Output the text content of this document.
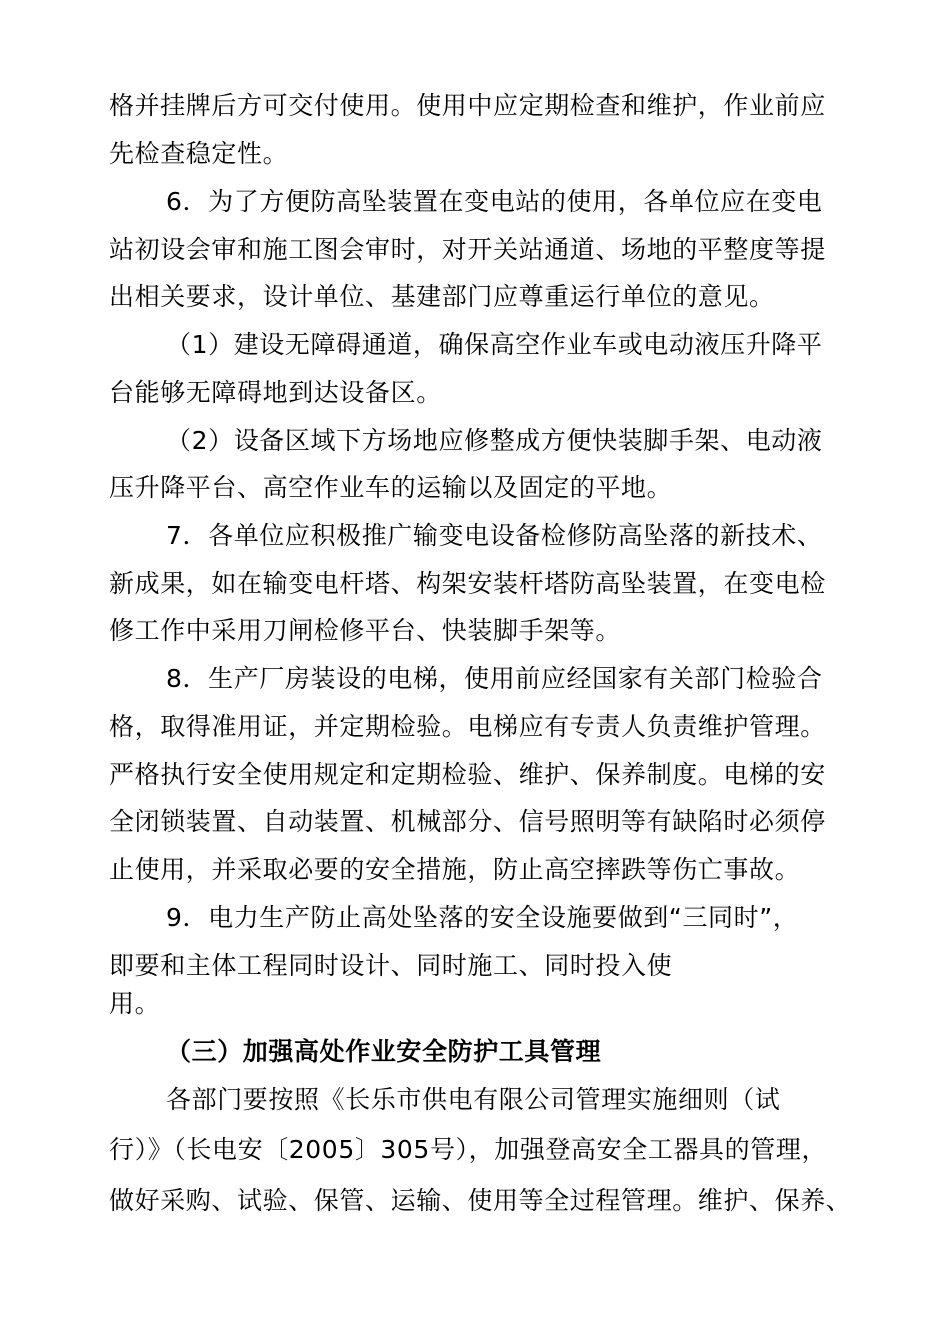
格并挂牌后方可交付使用。使用中应定期检查和维护，作业前应
先检查稳定性。
6．为了方便防高坠装置在变电站的使用，各单位应在变电
站初设会审和施工图会审时，对开关站通道、场地的平整度等提
出相关要求，设计单位、基建部门应尊重运行单位的意见。
（1）建设无障碍通道，确保高空作业车或电动液压升降平
台能够无障碍地到达设备区。
（2）设备区域下方场地应修整成方便快装脚手架、电动液
压升降平台、高空作业车的运输以及固定的平地。
7．各单位应积极推广输变电设备检修防高坠落的新技术、
新成果，如在输变电杆塔、构架安装杆塔防高坠装置，在变电检
修工作中采用刀闸检修平台、快装脚手架等。
8．生产厂房装设的电梯，使用前应经国家有关部门检验合
格，取得准用证，并定期检验。电梯应有专责人负责维护管理。
严格执行安全使用规定和定期检验、维护、保养制度。电梯的安
全闭锁装置、自动装置、机械部分、信号照明等有缺陷时必须停
止使用，并采取必要的安全措施，防止高空摔跌等伤亡事故。
9．电力生产防止高处坠落的安全设施要做到“三同时”，
即要和主体工程同时设计、同时施工、同时投入使
用。
（三）加强高处作业安全防护工具管理
各部门要按照《长乐市供电有限公司管理实施细则（试
行）》（长电安〔2005〕305号），加强登高安全工器具的管理，
做好采购、试验、保管、运输、使用等全过程管理。维护、保养、
